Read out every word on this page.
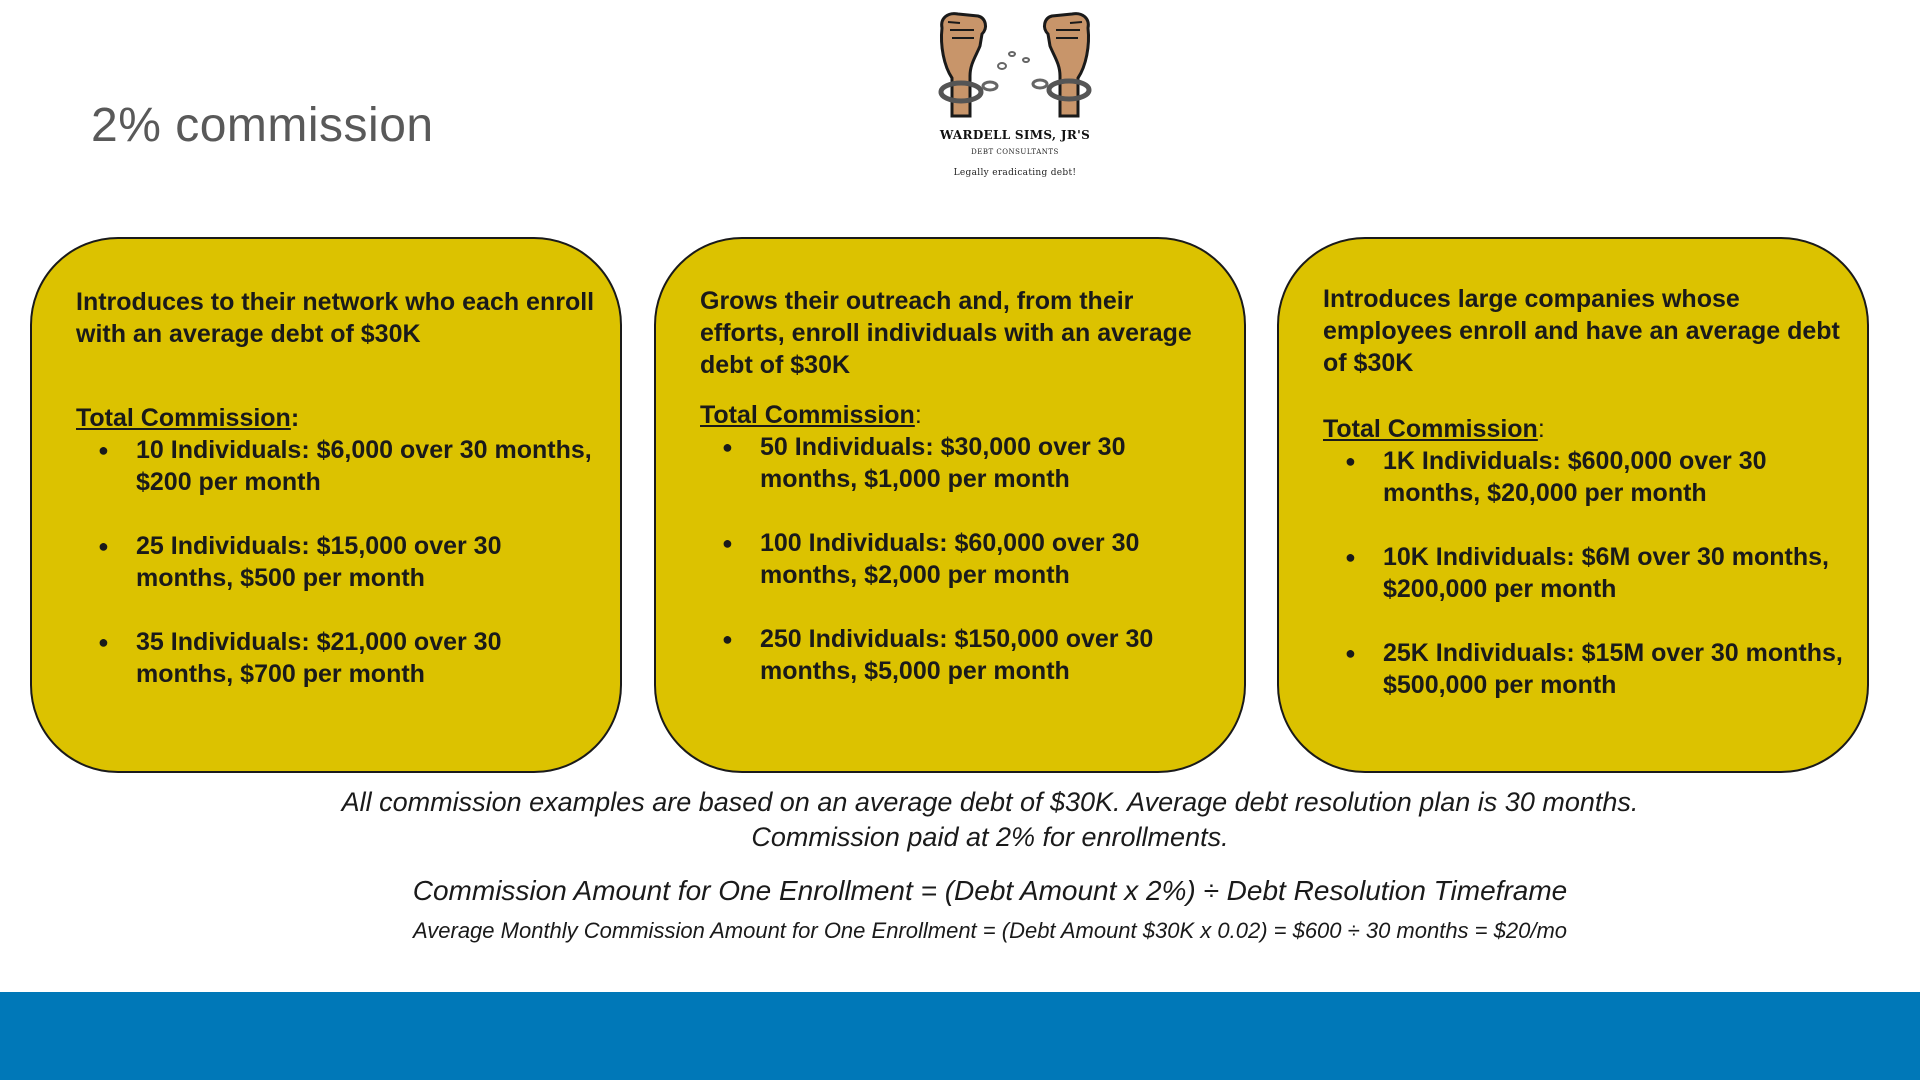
2% commission	WARDELL SIMS, JR'S
DEBT CONSULTANTS
Legally eradicating debt!

Introduces to their network who each enroll with an average debt of $30K

Total Commission:

● 10 Individuals: $6,000 over 30 months, $200 per month
● 25 Individuals: $15,000 over 30 months, $500 per month
● 35 Individuals: $21,000 over 30 months, $700 per month

Grows their outreach and, from their efforts, enroll individuals with an average debt of $30K

Total Commission:

● 50 Individuals: $30,000 over 30 months, $1,000 per month
● 100 Individuals: $60,000 over 30 months, $2,000 per month
● 250 Individuals: $150,000 over 30 months, $5,000 per month

Introduces large companies whose employees enroll and have an average debt of $30K

Total Commission:

● 1K Individuals: $600,000 over 30 months, $20,000 per month
● 10K Individuals: $6M over 30 months, $200,000 per month
● 25K Individuals: $15M over 30 months, $500,000 per month
All commission examples are based on an average debt of $30K. Average debt resolution plan is 30 months.
Commission paid at 2% for enrollments.
Commission Amount for One Enrollment = (Debt Amount x 2%) ÷ Debt Resolution Timeframe
Average Monthly Commission Amount for One Enrollment = (Debt Amount $30K x 0.02) = $600 ÷ 30 months = $20/mo
